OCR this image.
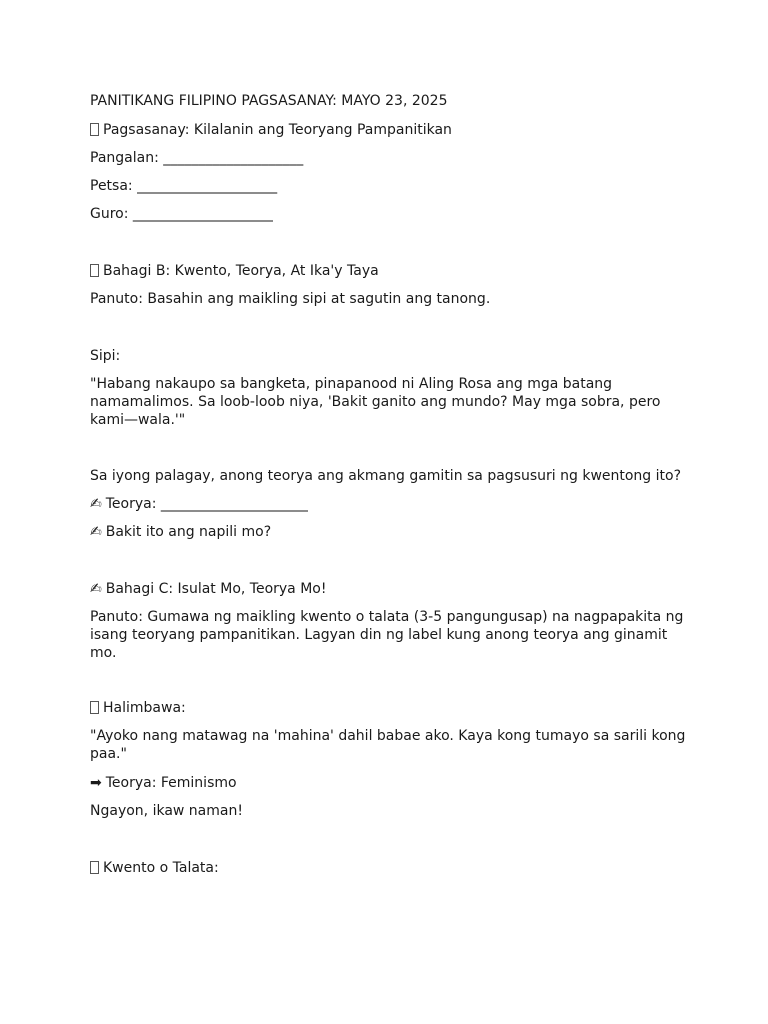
PANITIKANG FILIPINO PAGSASANAY: MAYO 23, 2025

Pagsasanay: Kilalanin ang Teoryang Pampanitikan

Pangalan: ____________________

Petsa: ____________________

Guro: ____________________

Bahagi B: Kwento, Teorya, At Ika'y Taya

Panuto: Basahin ang maikling sipi at sagutin ang tanong.

Sipi:

"Habang nakaupo sa bangketa, pinapanood ni Aling Rosa ang mga batang namamalimos. Sa loob-loob niya, 'Bakit ganito ang mundo? May mga sobra, pero kami—wala.'"

Sa iyong palagay, anong teorya ang akmang gamitin sa pagsusuri ng kwentong ito?

✍ Teorya: _____________________

✍ Bakit ito ang napili mo?

✍ Bahagi C: Isulat Mo, Teorya Mo!

Panuto: Gumawa ng maikling kwento o talata (3-5 pangungusap) na nagpapakita ng isang teoryang pampanitikan. Lagyan din ng label kung anong teorya ang ginamit mo.

Halimbawa:

"Ayoko nang matawag na 'mahina' dahil babae ako. Kaya kong tumayo sa sarili kong paa."

➡ Teorya: Feminismo

Ngayon, ikaw naman!

Kwento o Talata:
